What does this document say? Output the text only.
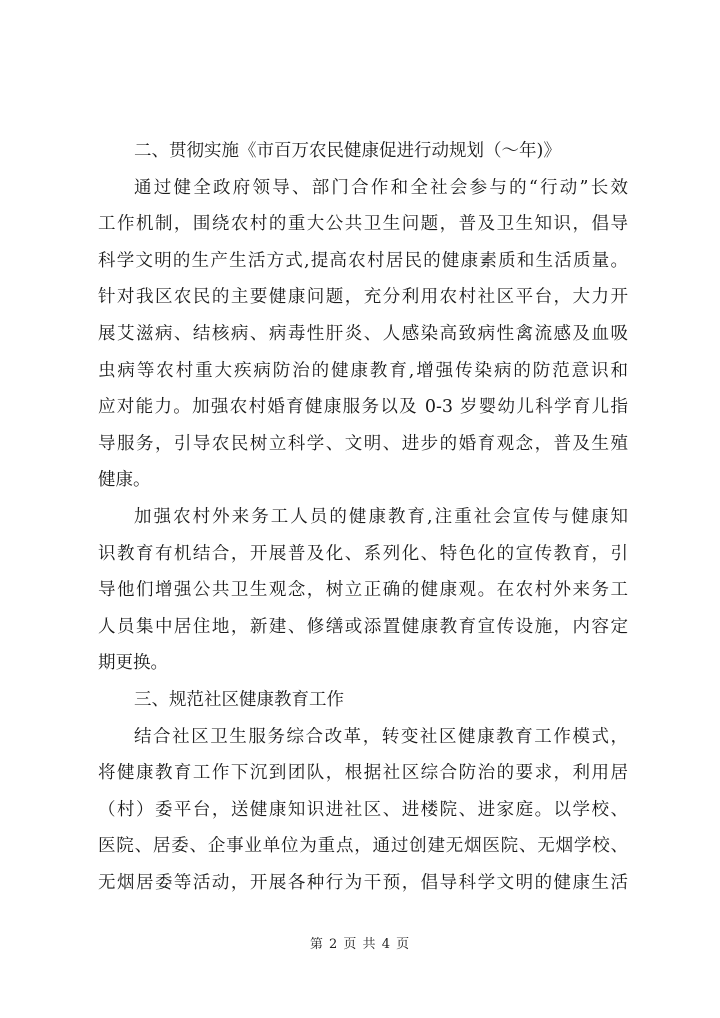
二、贯彻实施《市百万农民健康促进行动规划（～年)》
通过健全政府领导、部门合作和全社会参与的“行动”长效
工作机制，围绕农村的重大公共卫生问题，普及卫生知识，倡导
科学文明的生产生活方式,提高农村居民的健康素质和生活质量。
针对我区农民的主要健康问题，充分利用农村社区平台，大力开
展艾滋病、结核病、病毒性肝炎、人感染高致病性禽流感及血吸
虫病等农村重大疾病防治的健康教育,增强传染病的防范意识和
应对能力。加强农村婚育健康服务以及 0-3 岁婴幼儿科学育儿指
导服务，引导农民树立科学、文明、进步的婚育观念，普及生殖
健康。
加强农村外来务工人员的健康教育,注重社会宣传与健康知
识教育有机结合，开展普及化、系列化、特色化的宣传教育，引
导他们增强公共卫生观念，树立正确的健康观。在农村外来务工
人员集中居住地，新建、修缮或添置健康教育宣传设施，内容定
期更换。
三、规范社区健康教育工作
结合社区卫生服务综合改革，转变社区健康教育工作模式，
将健康教育工作下沉到团队，根据社区综合防治的要求，利用居
（村）委平台，送健康知识进社区、进楼院、进家庭。以学校、
医院、居委、企事业单位为重点，通过创建无烟医院、无烟学校、
无烟居委等活动，开展各种行为干预，倡导科学文明的健康生活
第 2 页 共 4 页
